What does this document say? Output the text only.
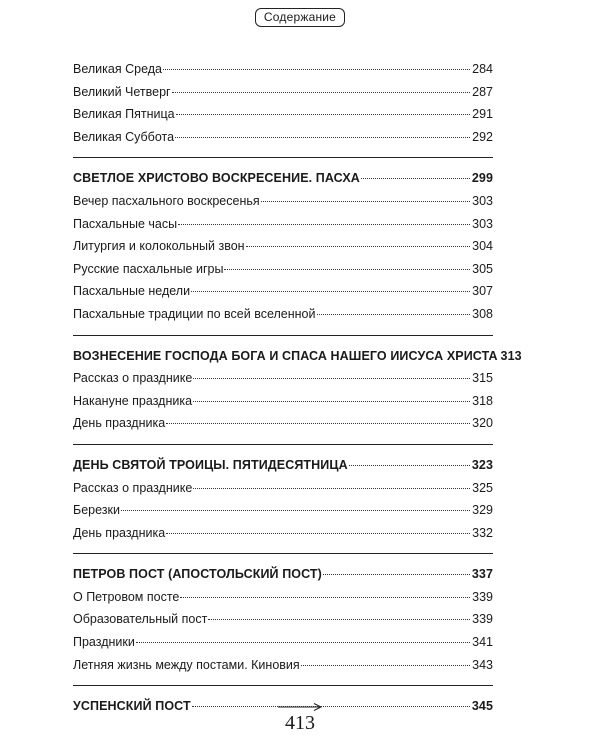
Содержание
Великая Среда	284
Великий Четверг	287
Великая Пятница	291
Великая Суббота	292
СВЕТЛОЕ ХРИСТОВО ВОСКРЕСЕНИЕ. ПАСХА	299
Вечер пасхального воскресенья	303
Пасхальные часы	303
Литургия и колокольный звон	304
Русские пасхальные игры	305
Пасхальные недели	307
Пасхальные традиции по всей вселенной	308
ВОЗНЕСЕНИЕ ГОСПОДА БОГА И СПАСА НАШЕГО ИИСУСА ХРИСТА 313
Рассказ о празднике	315
Накануне праздника	318
День праздника	320
ДЕНЬ СВЯТОЙ ТРОИЦЫ. ПЯТИДЕСЯТНИЦА	323
Рассказ о празднике	325
Березки	329
День праздника	332
ПЕТРОВ ПОСТ (АПОСТОЛЬСКИЙ ПОСТ)	337
О Петровом посте	339
Образовательный пост	339
Праздники	341
Летняя жизнь между постами. Киновия	343
УСПЕНСКИЙ ПОСТ	345
413
